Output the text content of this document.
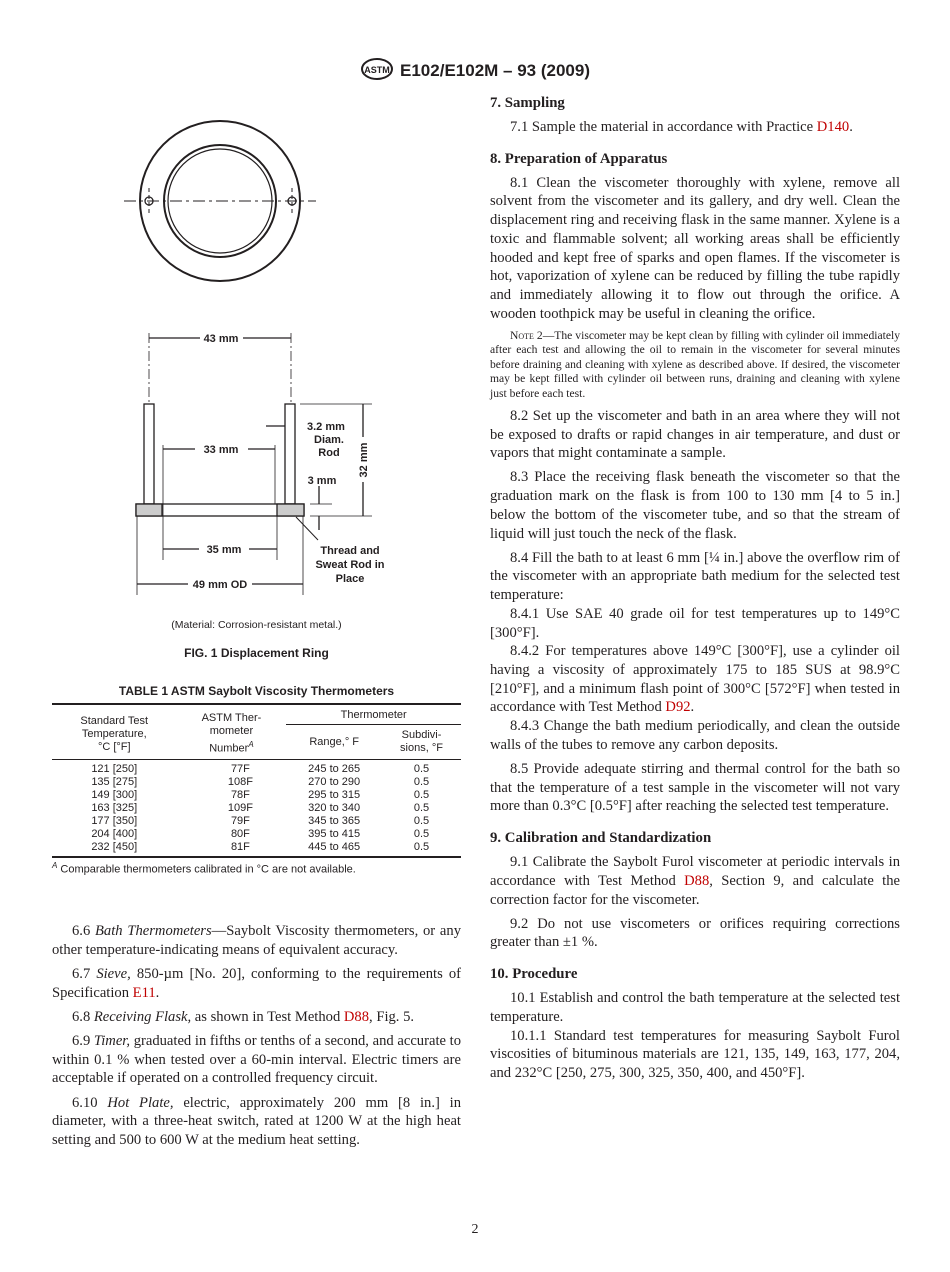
ASTM E102/E102M – 93 (2009)
43 mm
33 mm
35 mm
49 mm OD
3.2 mm
Diam.
Rod
3 mm
32 mm
Thread and
Sweat Rod in
Place
(Material: Corrosion-resistant metal.)
FIG. 1 Displacement Ring
TABLE 1 ASTM Saybolt Viscosity Thermometers
Standard Test
Temperature,
°C [°F]	ASTM Ther-
mometer
Number$^A$	Thermometer	
		Range,° F	Subdivi-
sions, °F
121 [250]	77F	245 to 265	0.5
135 [275]	108F	270 to 290	0.5
149 [300]	78F	295 to 315	0.5
163 [325]	109F	320 to 340	0.5
177 [350]	79F	345 to 365	0.5
204 [400]	80F	395 to 415	0.5
232 [450]	81F	445 to 465	0.5
$^A$ Comparable thermometers calibrated in °C are not available.

6.6 Bath Thermometers—Saybolt Viscosity thermometers, or any other temperature-indicating means of equivalent accuracy.

6.7 Sieve, 850-µm [No. 20], conforming to the requirements of Specification E11.

6.8 Receiving Flask, as shown in Test Method D88, Fig. 5.

6.9 Timer, graduated in fifths or tenths of a second, and accurate to within 0.1 % when tested over a 60-min interval. Electric timers are acceptable if operated on a controlled frequency circuit.

6.10 Hot Plate, electric, approximately 200 mm [8 in.] in diameter, with a three-heat switch, rated at 1200 W at the high heat setting and 500 to 600 W at the medium heat setting.

7. Sampling

7.1 Sample the material in accordance with Practice D140.

8. Preparation of Apparatus

8.1 Clean the viscometer thoroughly with xylene, remove all solvent from the viscometer and its gallery, and dry well. Clean the displacement ring and receiving flask in the same manner. Xylene is a toxic and flammable solvent; all working areas shall be efficiently hooded and kept free of sparks and open flames. If the viscometer is hot, vaporization of xylene can be reduced by filling the tube rapidly and immediately allowing it to flow out through the orifice. A wooden toothpick may be useful in cleaning the orifice.

Note 2—The viscometer may be kept clean by filling with cylinder oil immediately after each test and allowing the oil to remain in the viscometer for several minutes before draining and cleaning with xylene as described above. If desired, the viscometer may be kept filled with cylinder oil between runs, draining and cleaning with xylene just before each test.

8.2 Set up the viscometer and bath in an area where they will not be exposed to drafts or rapid changes in air temperature, and dust or vapors that might contaminate a sample.

8.3 Place the receiving flask beneath the viscometer so that the graduation mark on the flask is from 100 to 130 mm [4 to 5 in.] below the bottom of the viscometer tube, and so that the stream of liquid will just touch the neck of the flask.

8.4 Fill the bath to at least 6 mm [¼ in.] above the overflow rim of the viscometer with an appropriate bath medium for the selected test temperature:

8.4.1 Use SAE 40 grade oil for test temperatures up to 149°C [300°F].

8.4.2 For temperatures above 149°C [300°F], use a cylinder oil having a viscosity of approximately 175 to 185 SUS at 98.9°C [210°F], and a minimum flash point of 300°C [572°F] when tested in accordance with Test Method D92.

8.4.3 Change the bath medium periodically, and clean the outside walls of the tubes to remove any carbon deposits.

8.5 Provide adequate stirring and thermal control for the bath so that the temperature of a test sample in the viscometer will not vary more than 0.3°C [0.5°F] after reaching the selected test temperature.

9. Calibration and Standardization

9.1 Calibrate the Saybolt Furol viscometer at periodic intervals in accordance with Test Method D88, Section 9, and calculate the correction factor for the viscometer.

9.2 Do not use viscometers or orifices requiring corrections greater than ±1 %.

10. Procedure

10.1 Establish and control the bath temperature at the selected test temperature.

10.1.1 Standard test temperatures for measuring Saybolt Furol viscosities of bituminous materials are 121, 135, 149, 163, 177, 204, and 232°C [250, 275, 300, 325, 350, 400, and 450°F].

2
